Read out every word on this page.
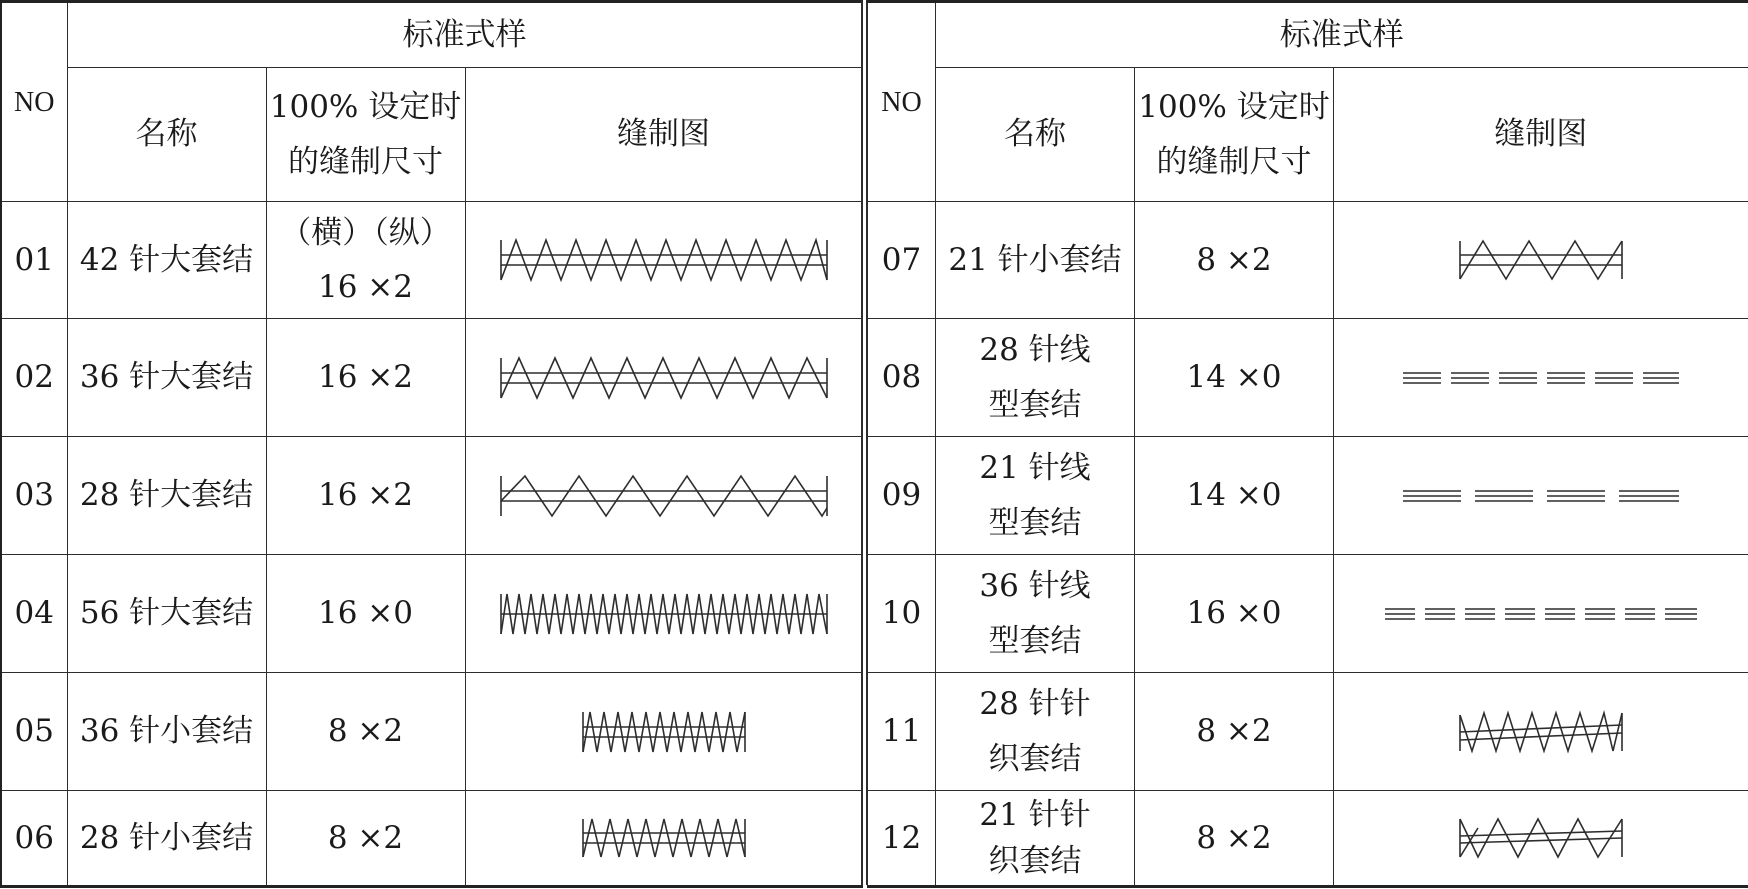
NO	标准式样		
	名称	100% 设定时
的缝制尺寸	缝制图
01	42 针大套结	（横）（纵）
16 ×2	

02	36 针大套结	16 ×2	

03	28 针大套结	16 ×2	

04	56 针大套结	16 ×0	

05	36 针小套结	8 ×2	

06	28 针小套结	8 ×2	
NO	标准式样		
	名称	100% 设定时
的缝制尺寸	缝制图
07	21 针小套结	8 ×2	

08	28 针线
型套结	14 ×0	

09	21 针线
型套结	14 ×0	

10	36 针线
型套结	16 ×0	

11	28 针针
织套结	8 ×2	

12	21 针针
织套结	8 ×2	
